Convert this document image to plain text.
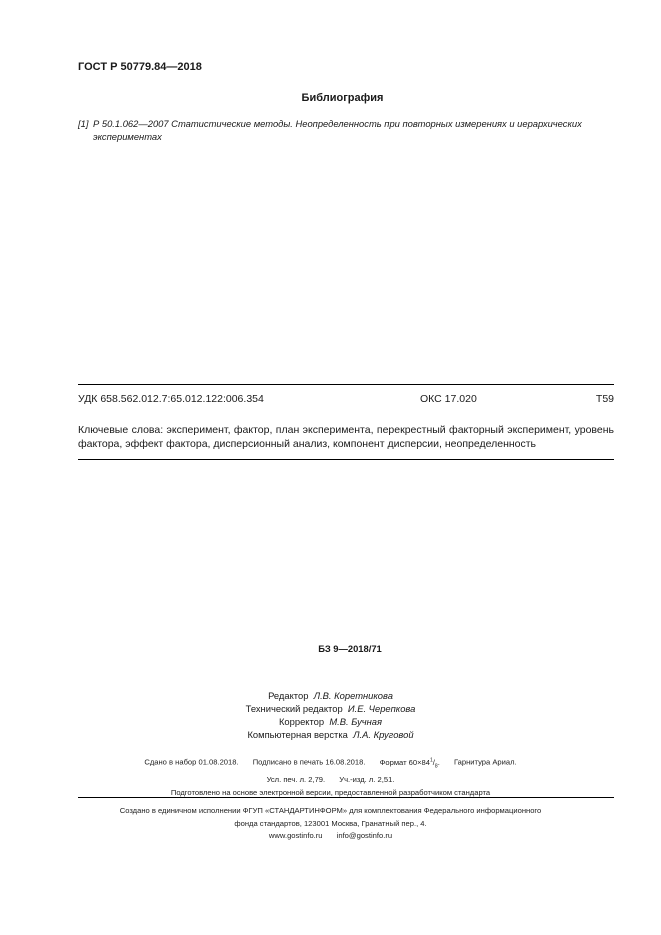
ГОСТ Р 50779.84—2018
Библиография
[1] Р 50.1.062—2007 Статистические методы. Неопределенность при повторных измерениях и иерархических экспериментах
УДК 658.562.012.7:65.012.122:006.354	ОКС 17.020	Т59
Ключевые слова: эксперимент, фактор, план эксперимента, перекрестный факторный эксперимент, уровень фактора, эффект фактора, дисперсионный анализ, компонент дисперсии, неопределенность
БЗ 9—2018/71
Редактор Л.В. Коретникова
Технический редактор И.Е. Черепкова
Корректор М.В. Бучная
Компьютерная верстка Л.А. Круговой
Сдано в набор 01.08.2018. Подписано в печать 16.08.2018. Формат $60\times 84^1/_8$. Гарнитура Ариал.
Усл. печ. л. 2,79. Уч.-изд. л. 2,51.
Подготовлено на основе электронной версии, предоставленной разработчиком стандарта
Создано в единичном исполнении ФГУП «СТАНДАРТИНФОРМ» для комплектования Федерального информационного
фонда стандартов, 123001 Москва, Гранатный пер., 4.
www.gostinfo.ru info@gostinfo.ru
